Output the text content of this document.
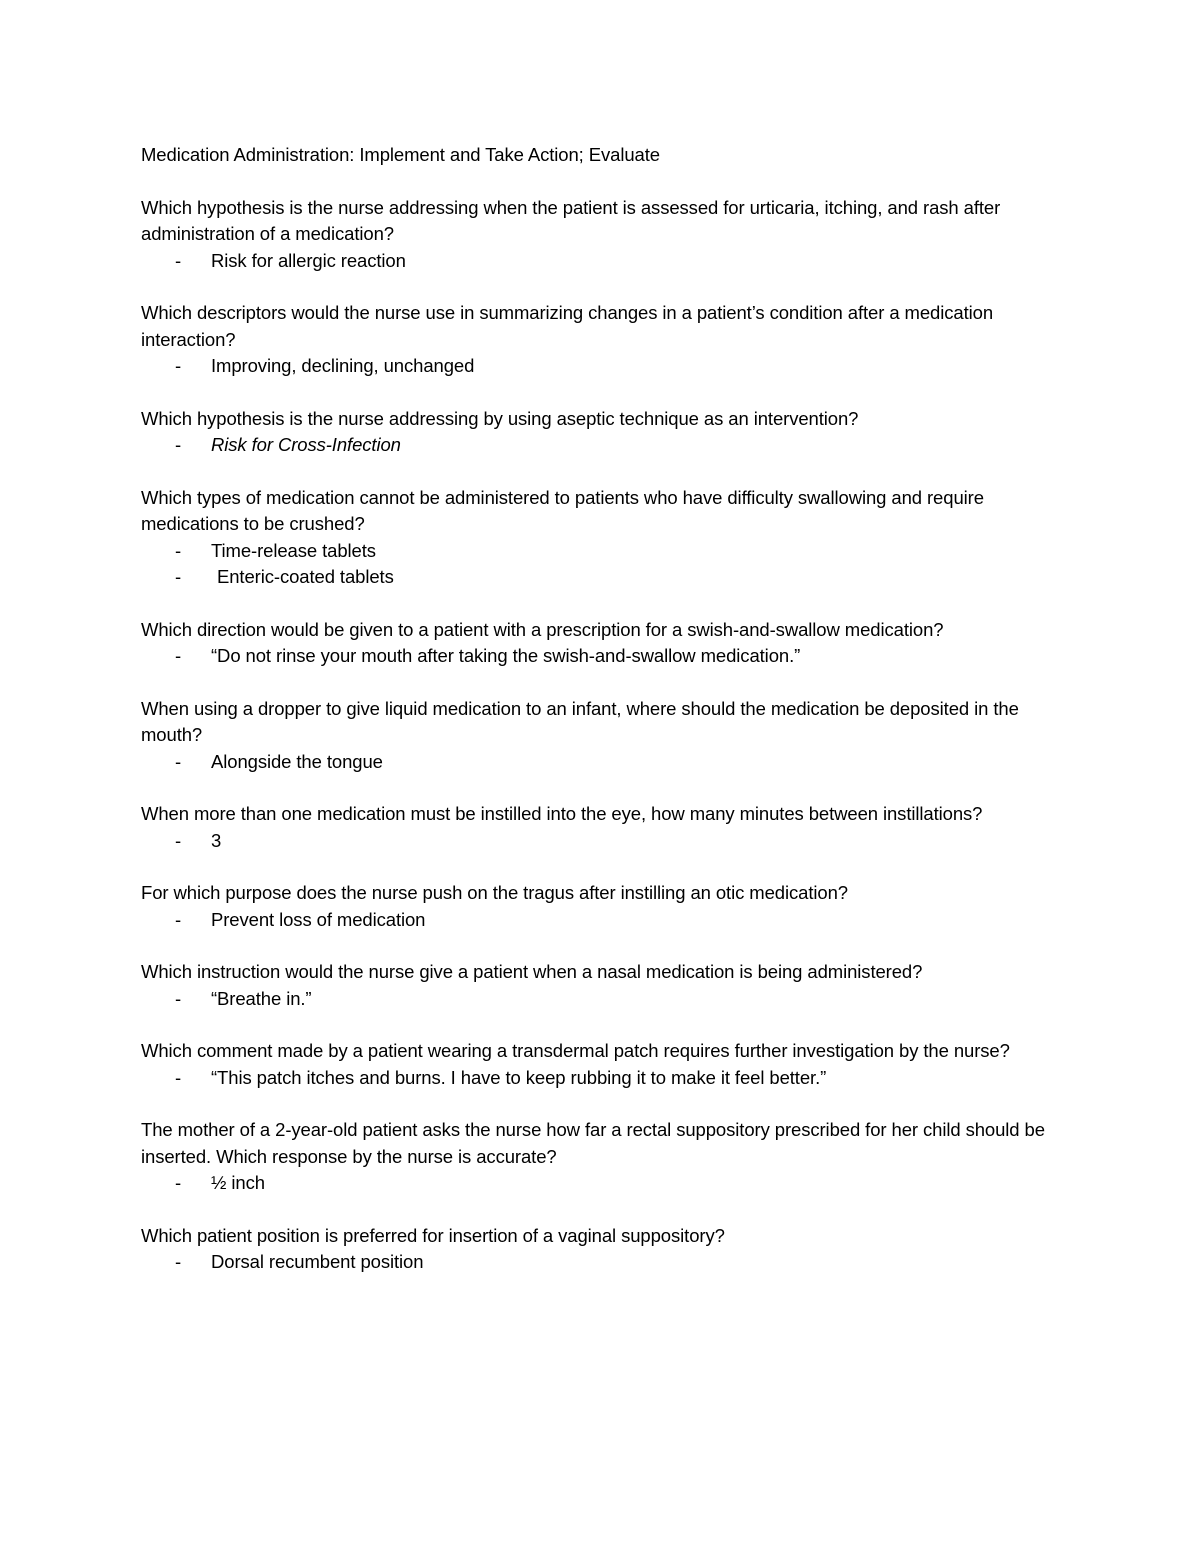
Medication Administration: Implement and Take Action; Evaluate

Which hypothesis is the nurse addressing when the patient is assessed for urticaria, itching, and rash after administration of a medication?

- Risk for allergic reaction

Which descriptors would the nurse use in summarizing changes in a patient’s condition after a medication interaction?

- Improving, declining, unchanged

Which hypothesis is the nurse addressing by using aseptic technique as an intervention?

- Risk for Cross-Infection

Which types of medication cannot be administered to patients who have difficulty swallowing and require medications to be crushed?

- Time-release tablets
- Enteric-coated tablets

Which direction would be given to a patient with a prescription for a swish-and-swallow medication?

- “Do not rinse your mouth after taking the swish-and-swallow medication.”

When using a dropper to give liquid medication to an infant, where should the medication be deposited in the mouth?

- Alongside the tongue

When more than one medication must be instilled into the eye, how many minutes between instillations?

- 3

For which purpose does the nurse push on the tragus after instilling an otic medication?

- Prevent loss of medication

Which instruction would the nurse give a patient when a nasal medication is being administered?

- “Breathe in.”

Which comment made by a patient wearing a transdermal patch requires further investigation by the nurse?

- “This patch itches and burns. I have to keep rubbing it to make it feel better.”

The mother of a 2-year-old patient asks the nurse how far a rectal suppository prescribed for her child should be inserted. Which response by the nurse is accurate?

- ½ inch

Which patient position is preferred for insertion of a vaginal suppository?

- Dorsal recumbent position
